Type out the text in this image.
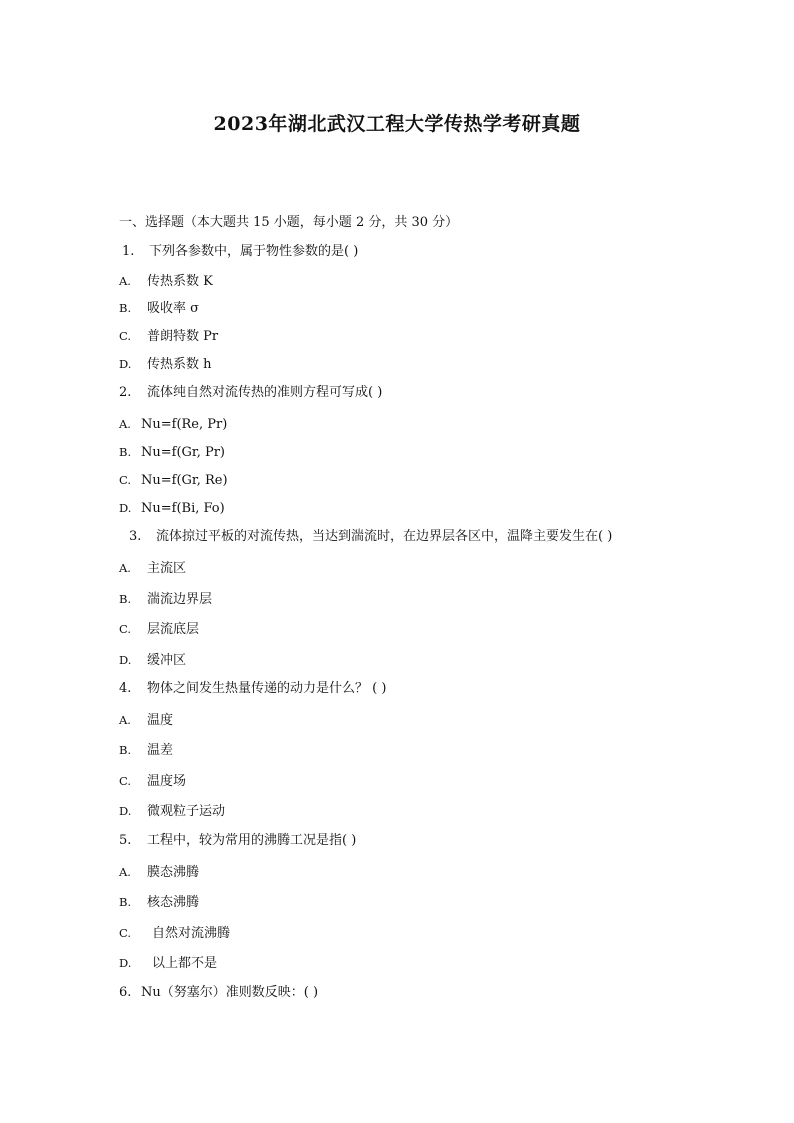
2023年湖北武汉工程大学传热学考研真题
一、选择题（本大题共 15 小题，每小题 2 分，共 30 分）
1. 下列各参数中，属于物性参数的是( )
A. 传热系数 K
B. 吸收率 σ
C. 普朗特数 Pr
D. 传热系数 h
2. 流体纯自然对流传热的准则方程可写成( )
A. Nu=f(Re, Pr)
B. Nu=f(Gr, Pr)
C. Nu=f(Gr, Re)
D. Nu=f(Bi, Fo)
3. 流体掠过平板的对流传热，当达到湍流时，在边界层各区中，温降主要发生在( )
A. 主流区
B. 湍流边界层
C. 层流底层
D. 缓冲区
4. 物体之间发生热量传递的动力是什么？ ( )
A. 温度
B. 温差
C. 温度场
D. 微观粒子运动
5. 工程中，较为常用的沸腾工况是指( )
A. 膜态沸腾
B. 核态沸腾
C. 自然对流沸腾
D. 以上都不是
6. Nu（努塞尔）准则数反映：( )
